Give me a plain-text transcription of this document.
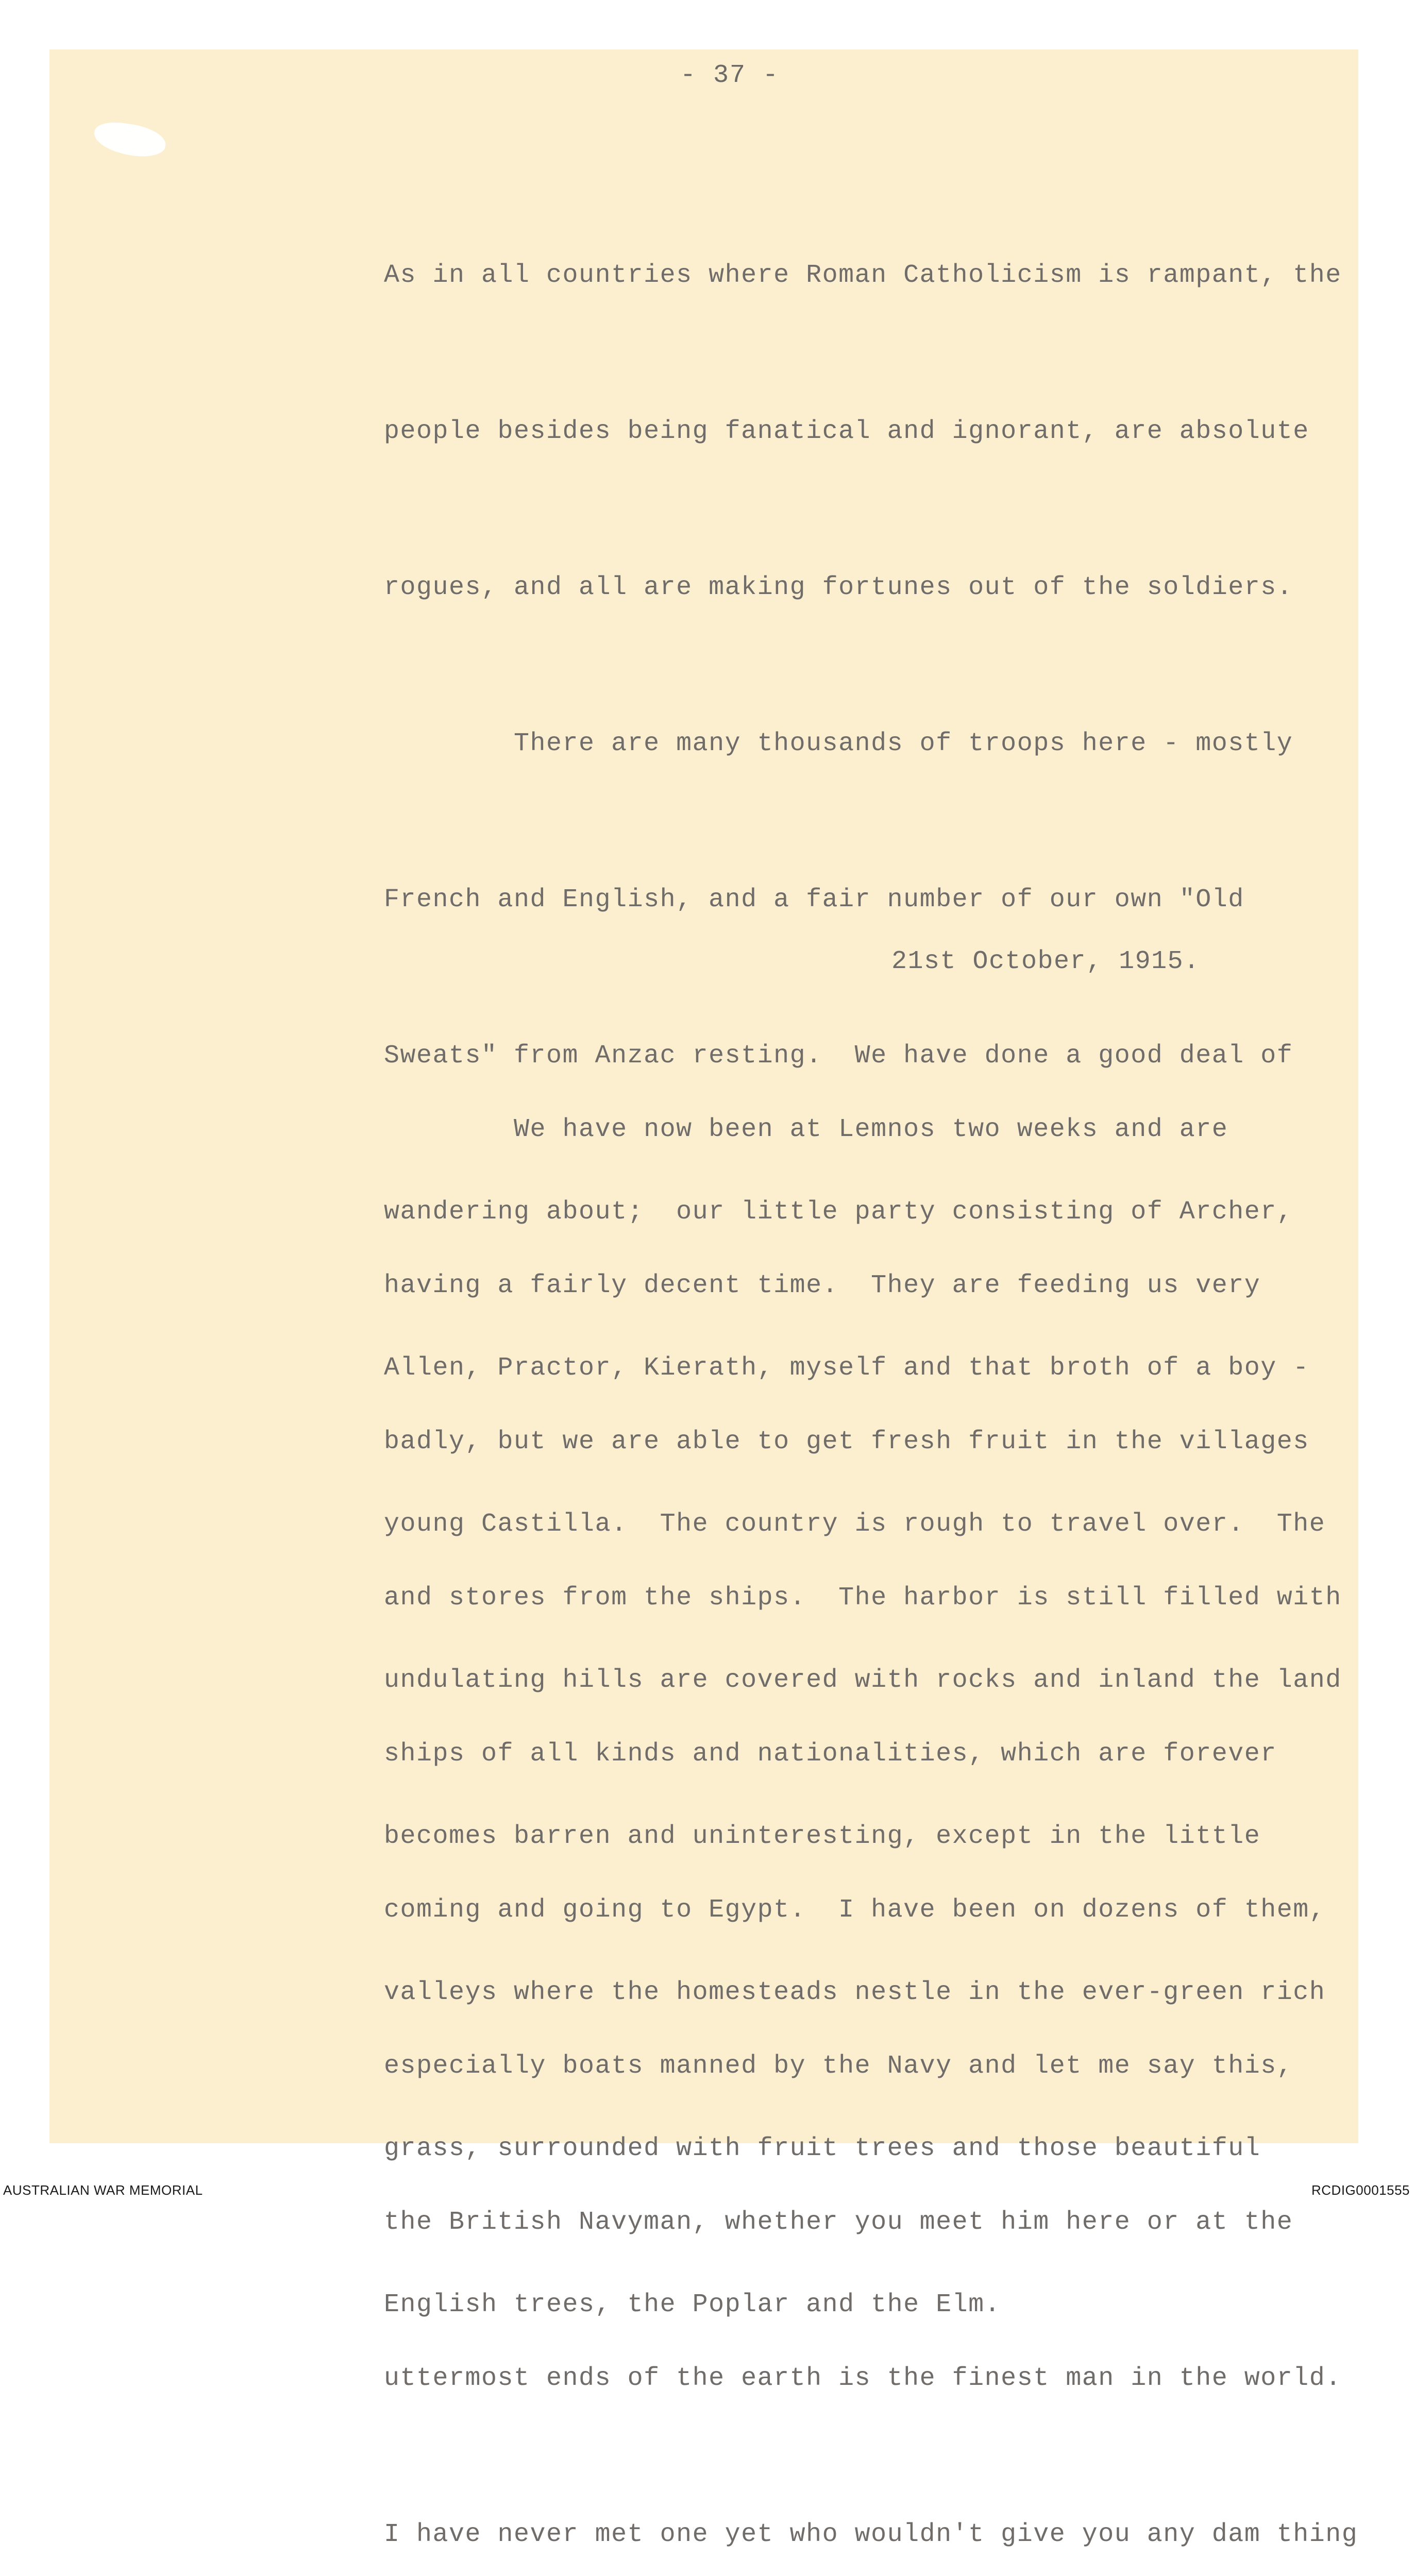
- 37 -

As in all countries where Roman Catholicism is rampant, the

people besides being fanatical and ignorant, are absolute

rogues, and all are making fortunes out of the soldiers.

There are many thousands of troops here - mostly

French and English, and a fair number of our own "Old

Sweats" from Anzac resting.  We have done a good deal of

wandering about;  our little party consisting of Archer,

Allen, Practor, Kierath, myself and that broth of a boy -

young Castilla.  The country is rough to travel over.  The

undulating hills are covered with rocks and inland the land

becomes barren and uninteresting, except in the little

valleys where the homesteads nestle in the ever-green rich

grass, surrounded with fruit trees and those beautiful

English trees, the Poplar and the Elm.

21st October, 1915.

We have now been at Lemnos two weeks and are

having a fairly decent time.  They are feeding us very

badly, but we are able to get fresh fruit in the villages

and stores from the ships.  The harbor is still filled with

ships of all kinds and nationalities, which are forever

coming and going to Egypt.  I have been on dozens of them,

especially boats manned by the Navy and let me say this,

the British Navyman, whether you meet him here or at the

uttermost ends of the earth is the finest man in the world.

I have never met one yet who wouldn't give you any dam thing

AUSTRALIAN WAR MEMORIAL	RCDIG0001555
